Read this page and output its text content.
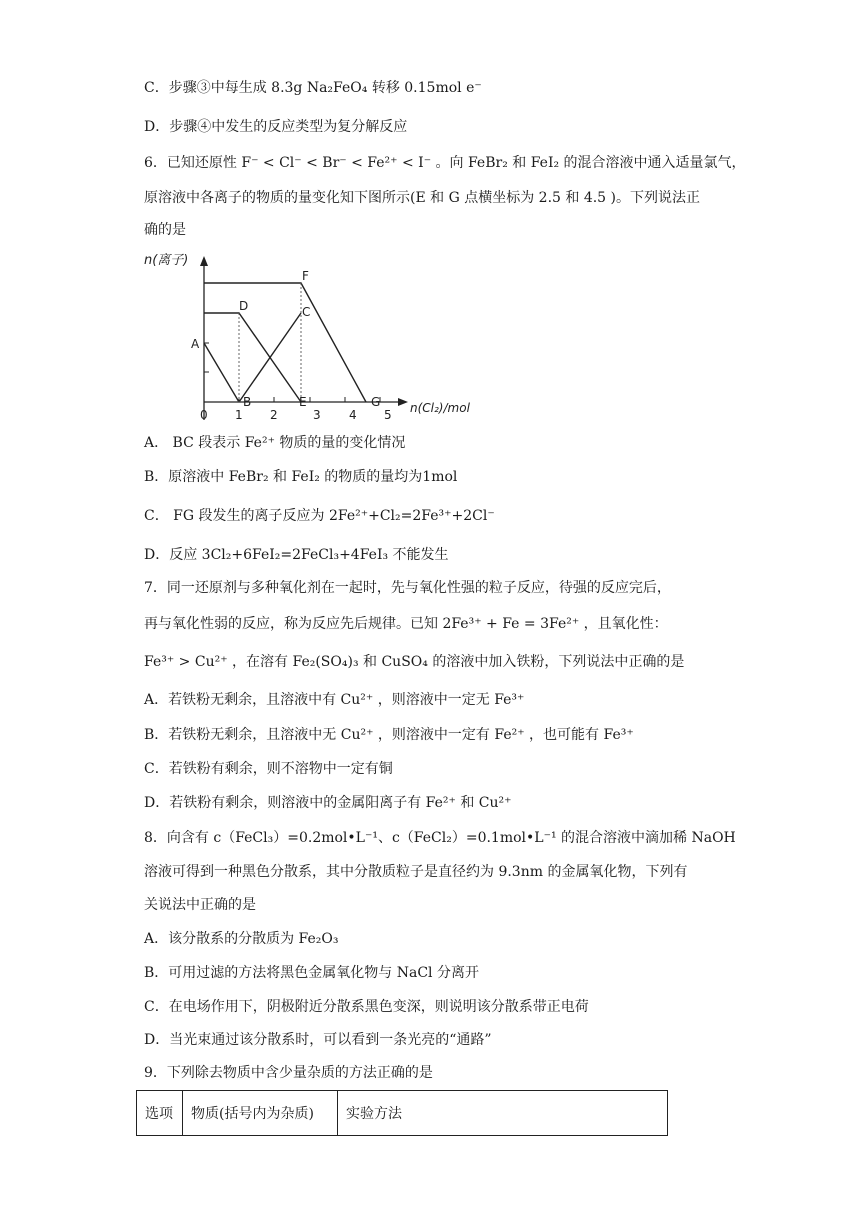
C．步骤③中每生成 8.3g Na₂FeO₄ 转移 0.15mol e⁻
D．步骤④中发生的反应类型为复分解反应
6．已知还原性 F⁻ < Cl⁻ < Br⁻ < Fe²⁺ < I⁻ 。向 FeBr₂ 和 FeI₂ 的混合溶液中通入适量氯气，
原溶液中各离子的物质的量变化知下图所示(E 和 G 点横坐标为 2.5 和 4.5 )。下列说法正
确的是
n(离子)
n(Cl₂)/mol
0 1 2	3 4 5
A
B
C
D
E
F
G
A． BC 段表示 Fe²⁺ 物质的量的变化情况
B．原溶液中 FeBr₂ 和 FeI₂ 的物质的量均为1mol
C． FG 段发生的离子反应为 2Fe²⁺+Cl₂=2Fe³⁺+2Cl⁻
D．反应 3Cl₂+6FeI₂=2FeCl₃+4FeI₃ 不能发生
7．同一还原剂与多种氧化剂在一起时，先与氧化性强的粒子反应，待强的反应完后，
再与氧化性弱的反应，称为反应先后规律。已知 2Fe³⁺ + Fe = 3Fe²⁺ ，且氧化性：
Fe³⁺ > Cu²⁺ ，在溶有 Fe₂(SO₄)₃ 和 CuSO₄ 的溶液中加入铁粉，下列说法中正确的是
A．若铁粉无剩余，且溶液中有 Cu²⁺ ，则溶液中一定无 Fe³⁺
B．若铁粉无剩余，且溶液中无 Cu²⁺ ，则溶液中一定有 Fe²⁺ ，也可能有 Fe³⁺
C．若铁粉有剩余，则不溶物中一定有铜
D．若铁粉有剩余，则溶液中的金属阳离子有 Fe²⁺ 和 Cu²⁺
8．向含有 c（FeCl₃）=0.2mol•L⁻¹、c（FeCl₂）=0.1mol•L⁻¹ 的混合溶液中滴加稀 NaOH
溶液可得到一种黑色分散系，其中分散质粒子是直径约为 9.3nm 的金属氧化物，下列有
关说法中正确的是
A．该分散系的分散质为 Fe₂O₃
B．可用过滤的方法将黑色金属氧化物与 NaCl 分离开
C．在电场作用下，阴极附近分散系黑色变深，则说明该分散系带正电荷
D．当光束通过该分散系时，可以看到一条光亮的“通路”
9．下列除去物质中含少量杂质的方法正确的是
选项	物质(括号内为杂质)	实验方法
